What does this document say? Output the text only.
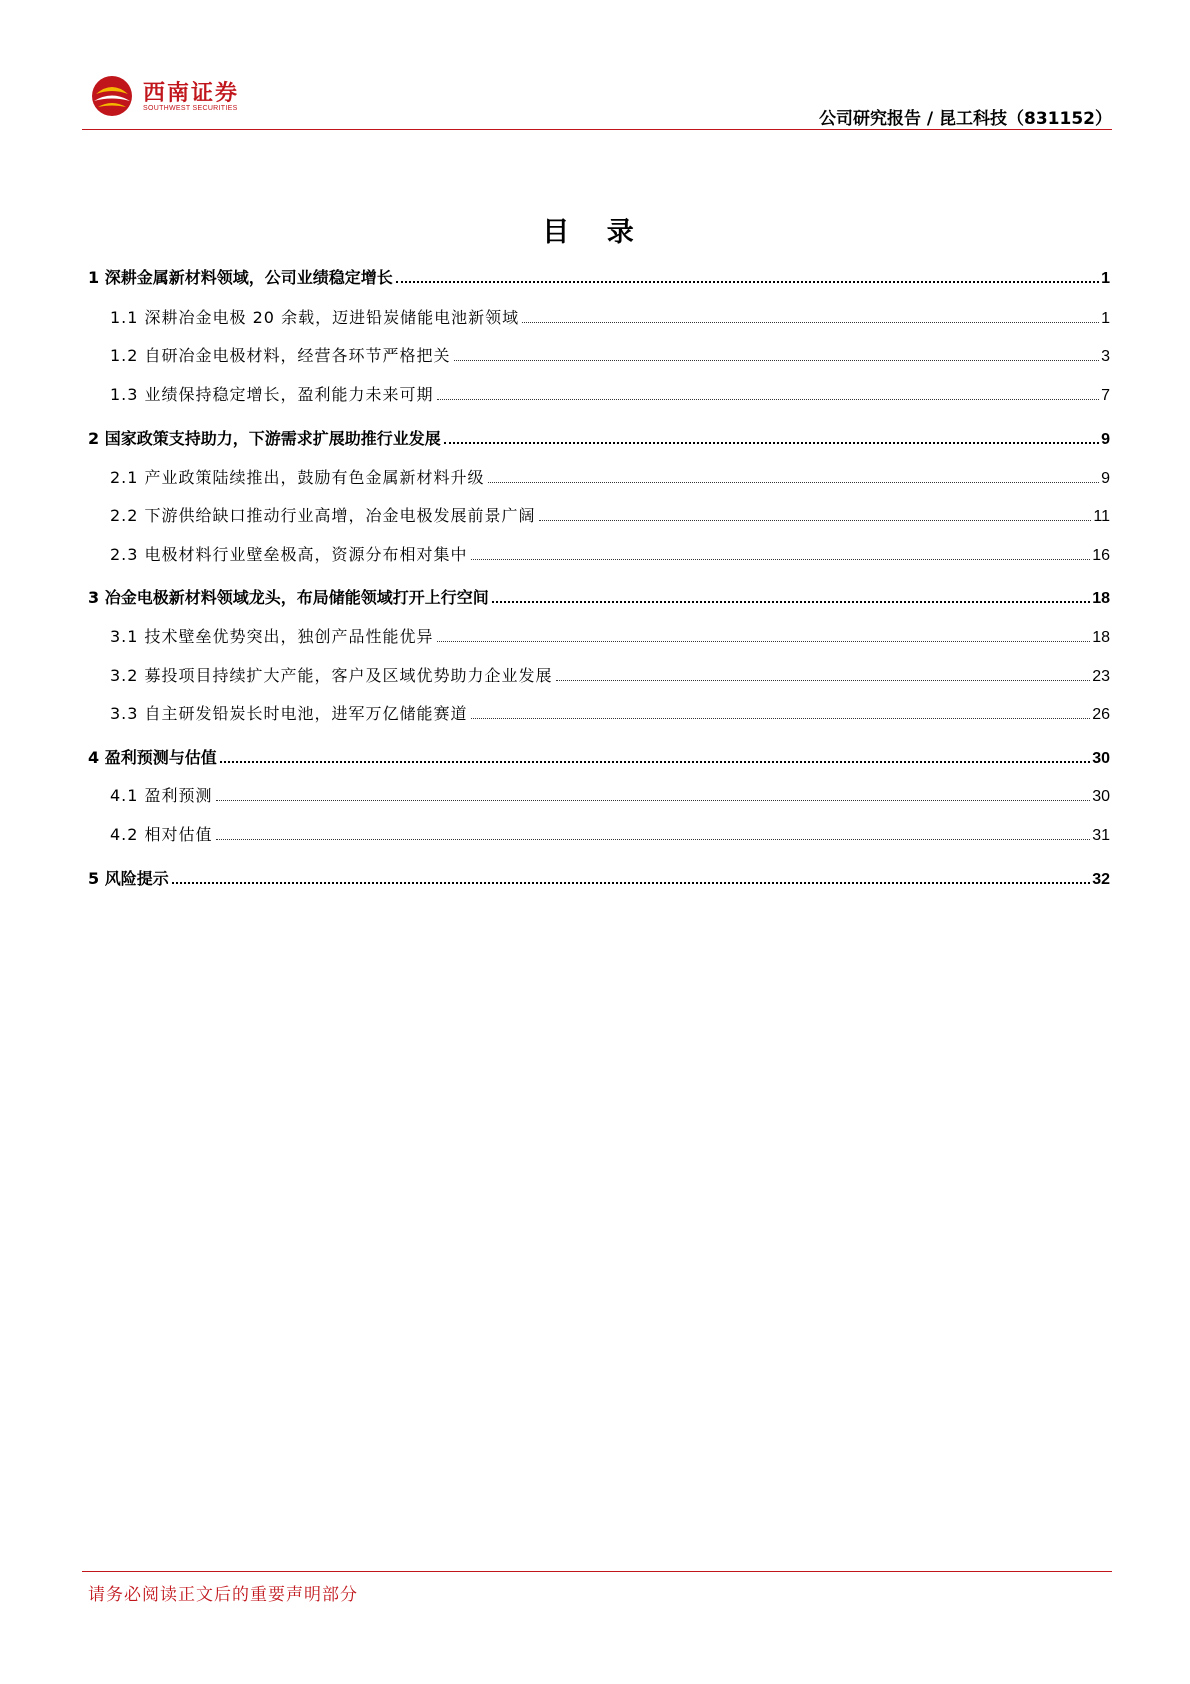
西南证券
SOUTHWEST SECURITIES
公司研究报告 / 昆工科技（831152）
目 录
1 深耕金属新材料领域，公司业绩稳定增长	1
1.1 深耕冶金电极 20 余载，迈进铅炭储能电池新领域	1
1.2 自研冶金电极材料，经营各环节严格把关	3
1.3 业绩保持稳定增长，盈利能力未来可期	7
2 国家政策支持助力，下游需求扩展助推行业发展	9
2.1 产业政策陆续推出，鼓励有色金属新材料升级	9
2.2 下游供给缺口推动行业高增，冶金电极发展前景广阔	11
2.3 电极材料行业壁垒极高，资源分布相对集中	16
3 冶金电极新材料领域龙头，布局储能领域打开上行空间	18
3.1 技术壁垒优势突出，独创产品性能优异	18
3.2 募投项目持续扩大产能，客户及区域优势助力企业发展	23
3.3 自主研发铅炭长时电池，进军万亿储能赛道	26
4 盈利预测与估值	30
4.1 盈利预测	30
4.2 相对估值	31
5 风险提示	32
请务必阅读正文后的重要声明部分
